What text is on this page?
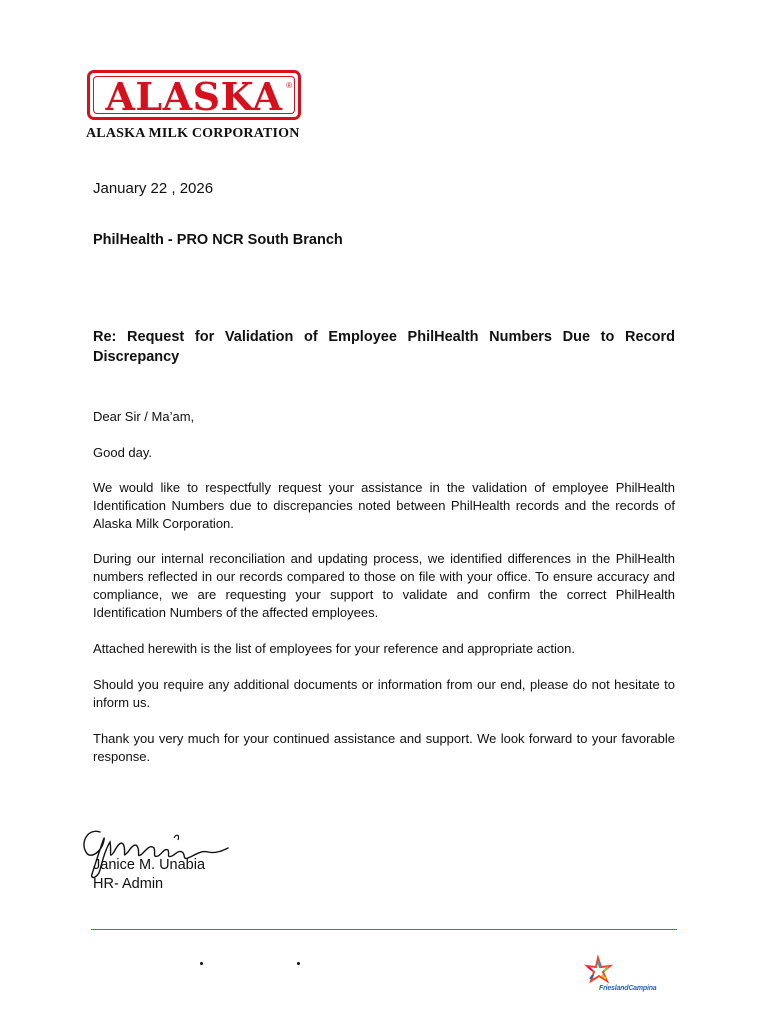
ALASKA ®
ALASKA MILK CORPORATION
January 22 , 2026
PhilHealth - PRO NCR South Branch
Re: Request for Validation of Employee PhilHealth Numbers Due to Record Discrepancy
Dear Sir / Ma’am,
Good day.
We would like to respectfully request your assistance in the validation of employee PhilHealth Identification Numbers due to discrepancies noted between PhilHealth records and the records of Alaska Milk Corporation.
During our internal reconciliation and updating process, we identified differences in the PhilHealth numbers reflected in our records compared to those on file with your office. To ensure accuracy and compliance, we are requesting your support to validate and confirm the correct PhilHealth Identification Numbers of the affected employees.
Attached herewith is the list of employees for your reference and appropriate action.
Should you require any additional documents or information from our end, please do not hesitate to inform us.
Thank you very much for your continued assistance and support. We look forward to your favorable response.
Janice M. Unabia
HR- Admin
FrieslandCampina
